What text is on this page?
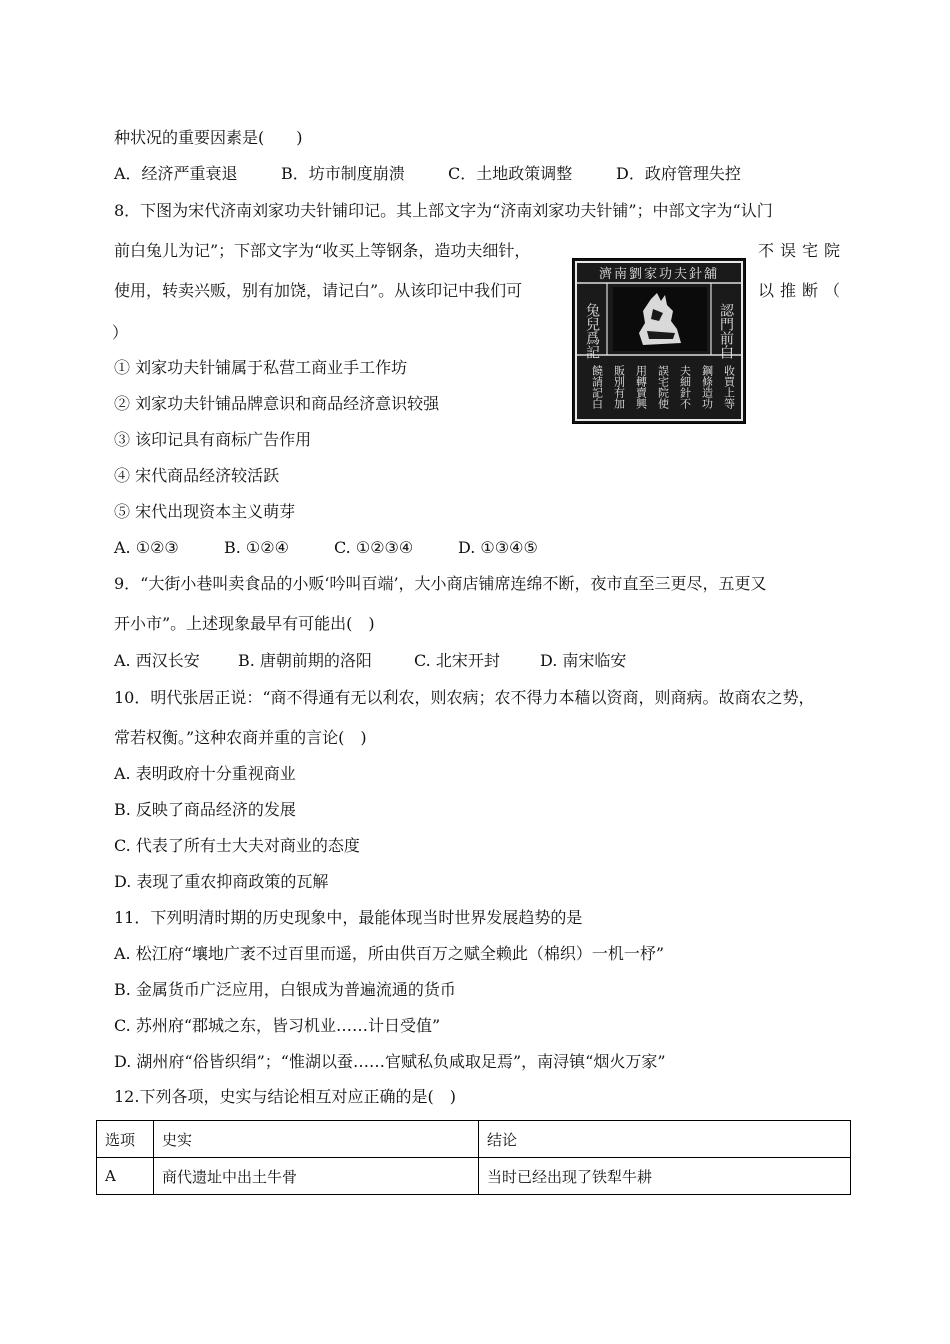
种状况的重要因素是(　　)
A．经济严重衰退	B．坊市制度崩溃	C．土地政策调整	D．政府管理失控
8．下图为宋代济南刘家功夫针铺印记。其上部文字为“济南刘家功夫针铺”；中部文字为“认门
前白兔儿为记”；下部文字为“收买上等钢条，造功夫细针，	不误宅院
使用，转卖兴贩，别有加饶，请记白”。从该印记中我们可	以推断（
）
濟南劉家功夫針舖
兔兒爲記	認門前白
收買上等
鋼條造功
夫細針不
誤宅院使
用轉賣興
販別有加
饒請記白
① 刘家功夫针铺属于私营工商业手工作坊
② 刘家功夫针铺品牌意识和商品经济意识较强
③ 该印记具有商标广告作用
④ 宋代商品经济较活跃
⑤ 宋代出现资本主义萌芽
A. ①②③	B. ①②④	C. ①②③④	D. ①③④⑤
9．“大街小巷叫卖食品的小贩‘吟叫百端’，大小商店铺席连绵不断，夜市直至三更尽，五更又
开小市”。上述现象最早有可能出(　)
A. 西汉长安 B. 唐朝前期的洛阳	C. 北宋开封	D. 南宋临安
10．明代张居正说：“商不得通有无以利农，则农病；农不得力本穑以资商，则商病。故商农之势，
常若权衡。”这种农商并重的言论(　)
A. 表明政府十分重视商业
B. 反映了商品经济的发展
C. 代表了所有士大夫对商业的态度
D. 表现了重农抑商政策的瓦解
11．下列明清时期的历史现象中，最能体现当时世界发展趋势的是
A. 松江府“壤地广袤不过百里而遥，所由供百万之赋全赖此（棉织）一机一杼”
B. 金属货币广泛应用，白银成为普遍流通的货币
C. 苏州府“郡城之东，皆习机业……计日受值”
D. 湖州府“俗皆织绢”；“惟湖以蚕……官赋私负咸取足焉”，南浔镇“烟火万家”
12.下列各项，史实与结论相互对应正确的是(　)
选项	史实	结论
A	商代遗址中出土牛骨	当时已经出现了铁犁牛耕
